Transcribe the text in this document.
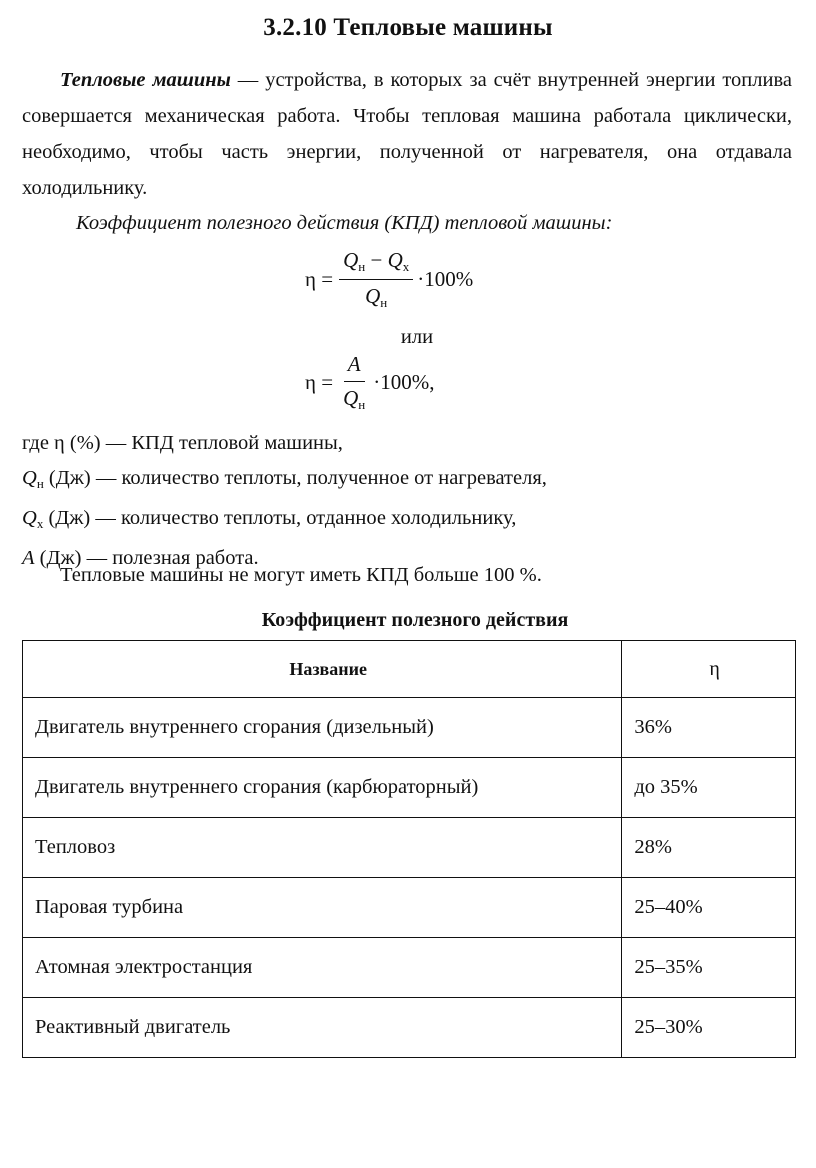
3.2.10 Тепловые машины

Тепловые машины — устройства, в которых за счёт внутренней энергии топлива совершается механическая работа. Чтобы тепловая машина работала циклически, необходимо, чтобы часть энергии, полученной от нагревателя, она отдавала холодильнику.

Коэффициент полезного действия (КПД) тепловой машины:
$\eta = \frac{Q_н - Q_х}{Q_н} \cdot 100\%$
или
$\eta = \frac{A}{Q_н} \cdot 100\%$,
где η (%) — КПД тепловой машины,
$Q_н$ (Дж) — количество теплоты, полученное от нагревателя,
$Q_х$ (Дж) — количество теплоты, отданное холодильнику,
A (Дж) — полезная работа.
Тепловые машины не могут иметь КПД больше 100 %.
Коэффициент полезного действия
Название	η
Двигатель внутреннего сгорания (дизельный)	36%
Двигатель внутреннего сгорания (карбюраторный)	до 35%
Тепловоз	28%
Паровая турбина	25–40%
Атомная электростанция	25–35%
Реактивный двигатель	25–30%
